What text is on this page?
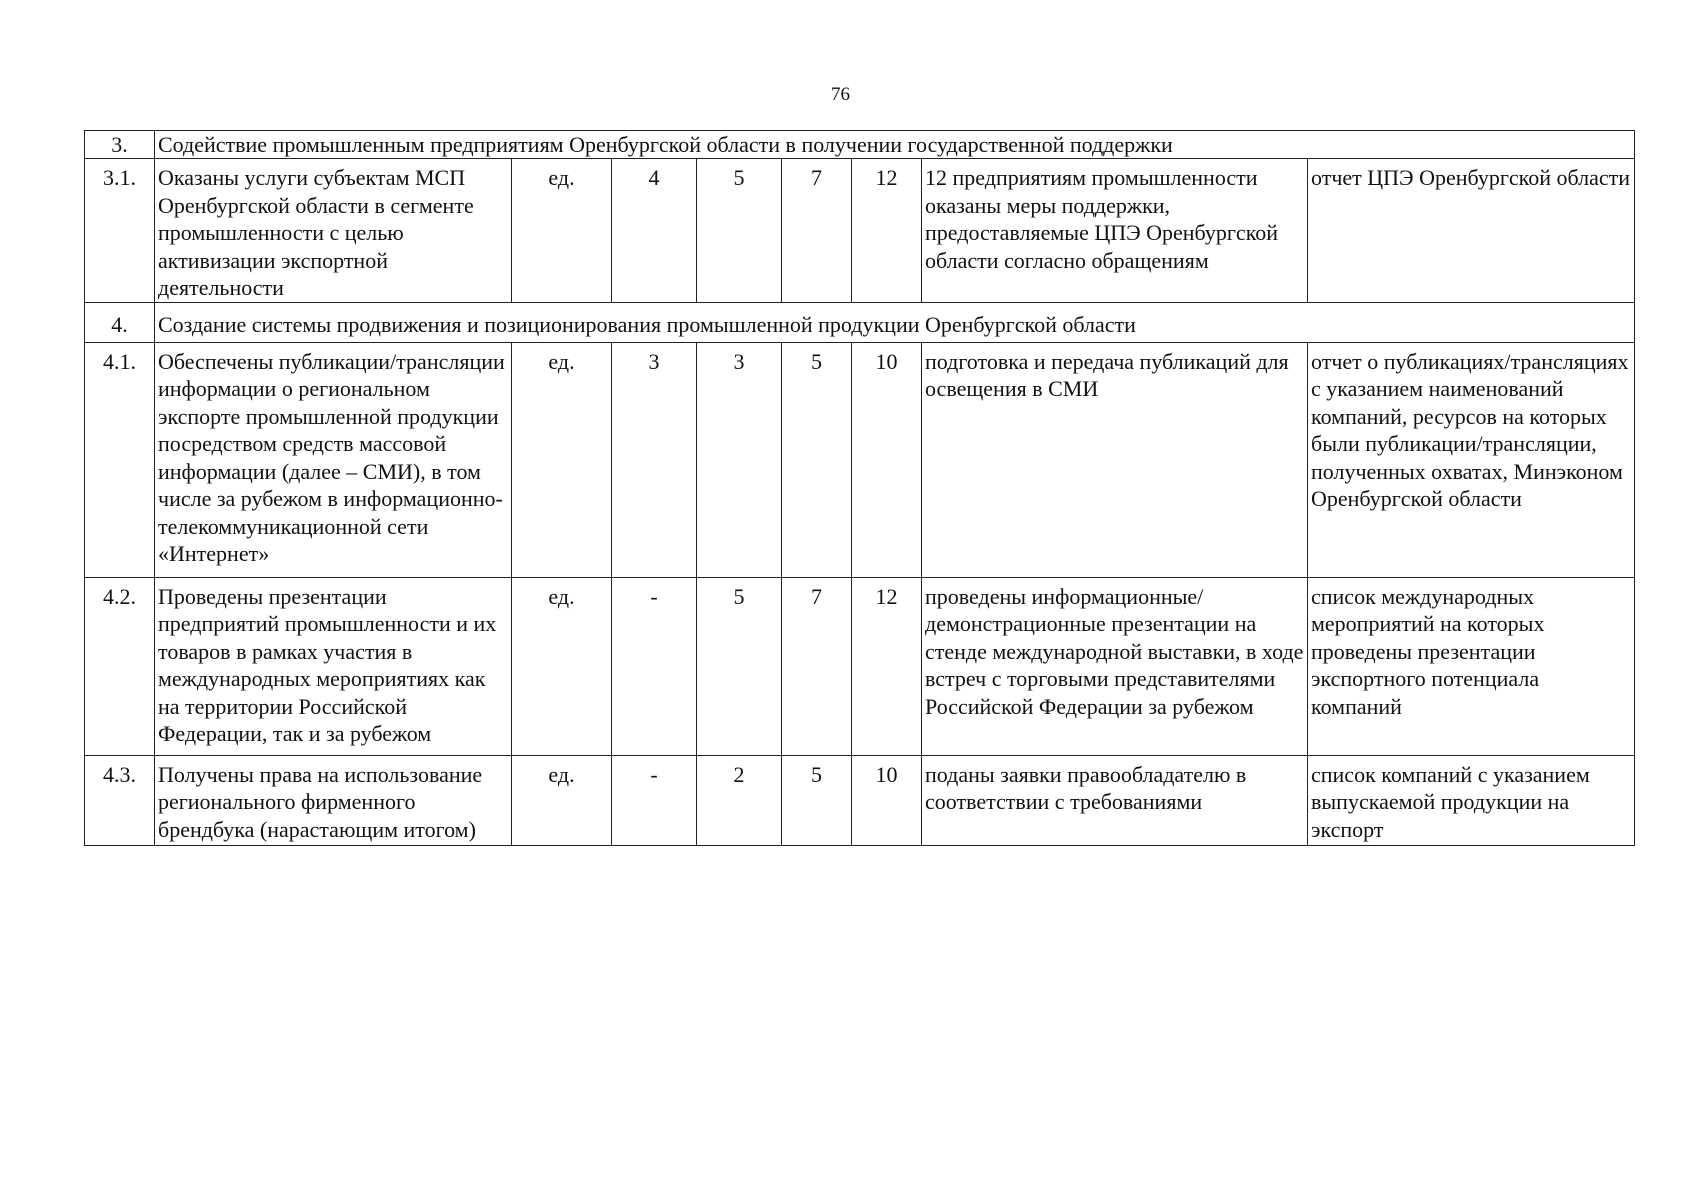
76
3.	Содействие промышленным предприятиям Оренбургской области в получении государственной поддержки							
3.1.	Оказаны услуги субъектам МСП Оренбургской области в сегменте промышленности с целью активизации экспортной деятельности	ед.	4	5	7	12	12 предприятиям промышленности оказаны меры поддержки, предоставляемые ЦПЭ Оренбургской области согласно обращениям	отчет ЦПЭ Оренбургской области
4.	Создание системы продвижения и позиционирования промышленной продукции Оренбургской области							
4.1.	Обеспечены публикации/трансляции информации о региональном экспорте промышленной продукции посредством средств массовой информации (далее – СМИ), в том числе за рубежом в информационно-телекоммуникационной сети «Интернет»	ед.	3	3	5	10	подготовка и передача публикаций для освещения в СМИ	отчет о публикациях/трансляциях с указанием наименований компаний, ресурсов на которых были публикации/трансляции, полученных охватах, Минэконом Оренбургской области
4.2.	Проведены презентации предприятий промышленности и их товаров в рамках участия в международных мероприятиях как на территории Российской Федерации, так и за рубежом	ед.	-	5	7	12	проведены информационные/демонстрационные презентации на стенде международной выставки, в ходе встреч с торговыми представителями Российской Федерации за рубежом	список международных мероприятий на которых проведены презентации экспортного потенциала компаний
4.3.	Получены права на использование регионального фирменного брендбука (нарастающим итогом)	ед.	-	2	5	10	поданы заявки правообладателю в соответствии с требованиями	список компаний с указанием выпускаемой продукции на экспорт
